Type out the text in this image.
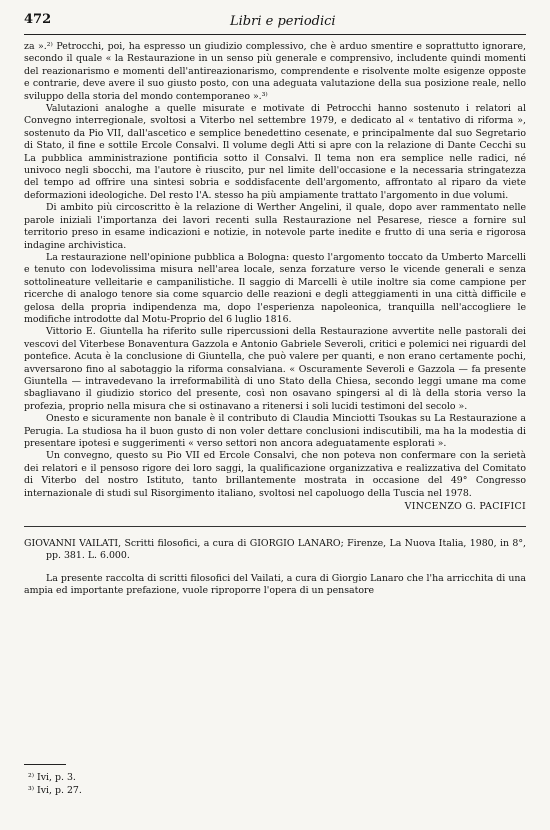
472	Libri e periodici

za ».²⁾ Petrocchi, poi, ha espresso un giudizio complessivo, che è arduo smentire e soprattutto ignorare, secondo il quale « la Restaurazione in un senso più generale e comprensivo, includente quindi momenti del reazionarismo e momenti dell'antireazionarismo, comprendente e risolvente molte esigenze opposte e contrarie, deve avere il suo giusto posto, con una adeguata valutazione della sua posizione reale, nello sviluppo della storia del mondo contemporaneo ».³⁾

Valutazioni analoghe a quelle misurate e motivate di Petrocchi hanno sostenuto i relatori al Convegno interregionale, svoltosi a Viterbo nel settembre 1979, e dedicato al « tentativo di riforma », sostenuto da Pio VII, dall'ascetico e semplice benedettino cesenate, e principalmente dal suo Segretario di Stato, il fine e sottile Ercole Consalvi. Il volume degli Atti si apre con la relazione di Dante Cecchi su La pubblica amministrazione pontificia sotto il Consalvi. Il tema non era semplice nelle radici, né univoco negli sbocchi, ma l'autore è riuscito, pur nel limite dell'occasione e la necessaria stringatezza del tempo ad offrire una sintesi sobria e soddisfacente dell'argomento, affrontato al riparo da viete deformazioni ideologiche. Del resto l'A. stesso ha più ampiamente trattato l'argomento in due volumi.

Di ambito più circoscritto è la relazione di Werther Angelini, il quale, dopo aver rammentato nelle parole iniziali l'importanza dei lavori recenti sulla Restaurazione nel Pesarese, riesce a fornire sul territorio preso in esame indicazioni e notizie, in notevole parte inedite e frutto di una seria e rigorosa indagine archivistica.

La restaurazione nell'opinione pubblica a Bologna: questo l'argomento toccato da Umberto Marcelli e tenuto con lodevolissima misura nell'area locale, senza forzature verso le vicende generali e senza sottolineature velleitarie e campanilistiche. Il saggio di Marcelli è utile inoltre sia come campione per ricerche di analogo tenore sia come squarcio delle reazioni e degli atteggiamenti in una città difficile e gelosa della propria indipendenza ma, dopo l'esperienza napoleonica, tranquilla nell'accogliere le modifiche introdotte dal Motu-Proprio del 6 luglio 1816.

Vittorio E. Giuntella ha riferito sulle ripercussioni della Restaurazione avvertite nelle pastorali dei vescovi del Viterbese Bonaventura Gazzola e Antonio Gabriele Severoli, critici e polemici nei riguardi del pontefice. Acuta è la conclusione di Giuntella, che può valere per quanti, e non erano certamente pochi, avversarono fino al sabotaggio la riforma consalviana. « Oscuramente Severoli e Gazzola — fa presente Giuntella — intravedevano la irreformabilità di uno Stato della Chiesa, secondo leggi umane ma come sbagliavano il giudizio storico del presente, così non osavano spingersi al di là della storia verso la profezia, proprio nella misura che si ostinavano a ritenersi i soli lucidi testimoni del secolo ».

Onesto e sicuramente non banale è il contributo di Claudia Minciotti Tsoukas su La Restaurazione a Perugia. La studiosa ha il buon gusto di non voler dettare conclusioni indiscutibili, ma ha la modestia di presentare ipotesi e suggerimenti « verso settori non ancora adeguatamente esplorati ».

Un convegno, questo su Pio VII ed Ercole Consalvi, che non poteva non confermare con la serietà dei relatori e il pensoso rigore dei loro saggi, la qualificazione organizzativa e realizzativa del Comitato di Viterbo del nostro Istituto, tanto brillantemente mostrata in occasione del 49° Congresso internazionale di studi sul Risorgimento italiano, svoltosi nel capoluogo della Tuscia nel 1978.

VINCENZO G. PACIFICI

GIOVANNI VAILATI, Scritti filosofici, a cura di GIORGIO LANARO; Firenze, La Nuova Italia, 1980, in 8°, pp. 381. L. 6.000.

La presente raccolta di scritti filosofici del Vailati, a cura di Giorgio Lanaro che l'ha arricchita di una ampia ed importante prefazione, vuole riproporre l'opera di un pensatore

²⁾ Ivi, p. 3.
³⁾ Ivi, p. 27.
